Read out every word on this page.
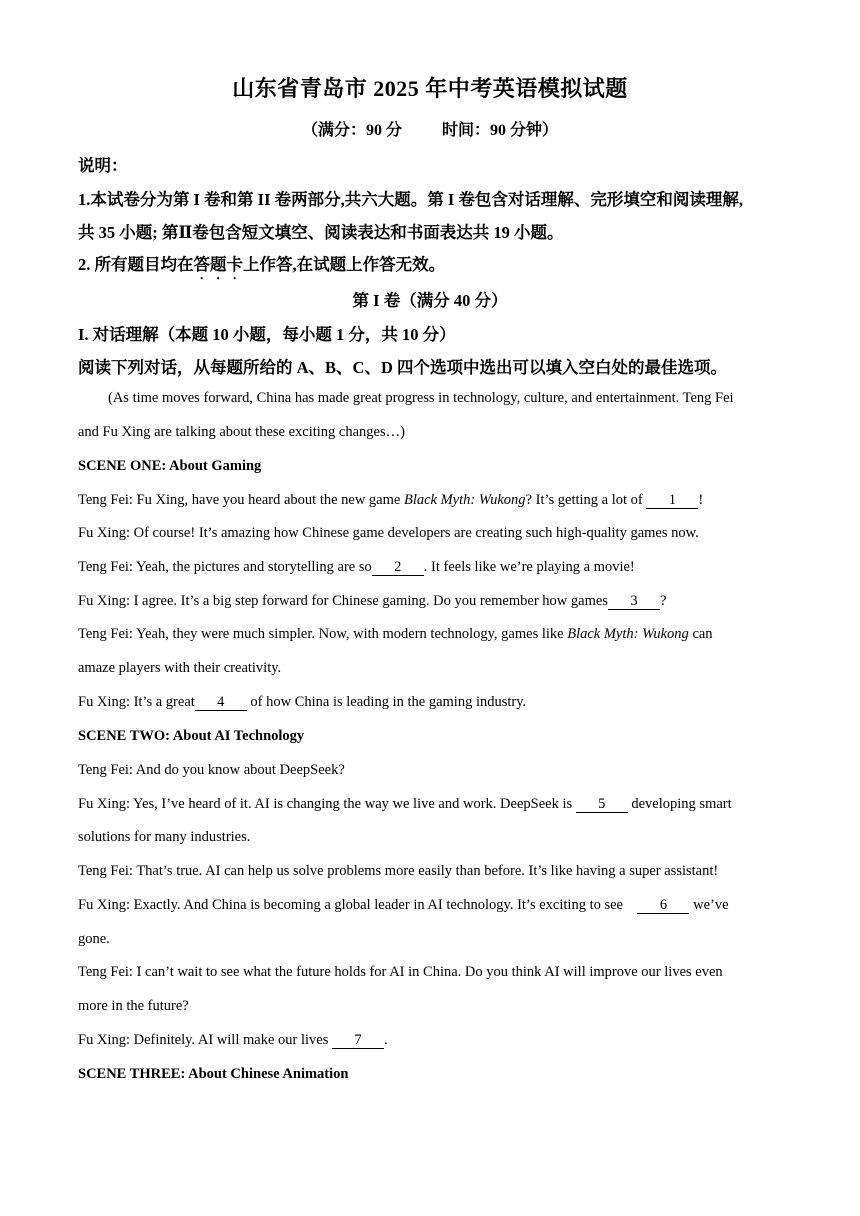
山东省青岛市 2025 年中考英语模拟试题
（满分：90 分	时间：90 分钟）
说明：
1.本试卷分为第 I 卷和第 II 卷两部分,共六大题。第 I 卷包含对话理解、完形填空和阅读理解,
共 35 小题; 第Ⅱ卷包含短文填空、阅读表达和书面表达共 19 小题。
2. 所有题目均在答题卡上作答,在试题上作答无效。
第 I 卷（满分 40 分）
I. 对话理解（本题 10 小题，每小题 1 分，共 10 分）
阅读下列对话，从每题所给的 A、B、C、D 四个选项中选出可以填入空白处的最佳选项。
(As time moves forward, China has made great progress in technology, culture, and entertainment. Teng Fei
and Fu Xing are talking about these exciting changes…)
SCENE ONE: About Gaming
Teng Fei: Fu Xing, have you heard about the new game Black Myth: Wukong? It’s getting a lot of 1 !
Fu Xing: Of course! It’s amazing how Chinese game developers are creating such high-quality games now.
Teng Fei: Yeah, the pictures and storytelling are so 2 . It feels like we’re playing a movie!
Fu Xing: I agree. It’s a big step forward for Chinese gaming. Do you remember how games 3 ?
Teng Fei: Yeah, they were much simpler. Now, with modern technology, games like Black Myth: Wukong can
amaze players with their creativity.
Fu Xing: It’s a great 4 of how China is leading in the gaming industry.
SCENE TWO: About AI Technology
Teng Fei: And do you know about DeepSeek?
Fu Xing: Yes, I’ve heard of it. AI is changing the way we live and work. DeepSeek is 5 developing smart
solutions for many industries.
Teng Fei: That’s true. AI can help us solve problems more easily than before. It’s like having a super assistant!
Fu Xing: Exactly. And China is becoming a global leader in AI technology. It’s exciting to see    6 we’ve
gone.
Teng Fei: I can’t wait to see what the future holds for AI in China. Do you think AI will improve our lives even
more in the future?
Fu Xing: Definitely. AI will make our lives 7 .
SCENE THREE: About Chinese Animation
